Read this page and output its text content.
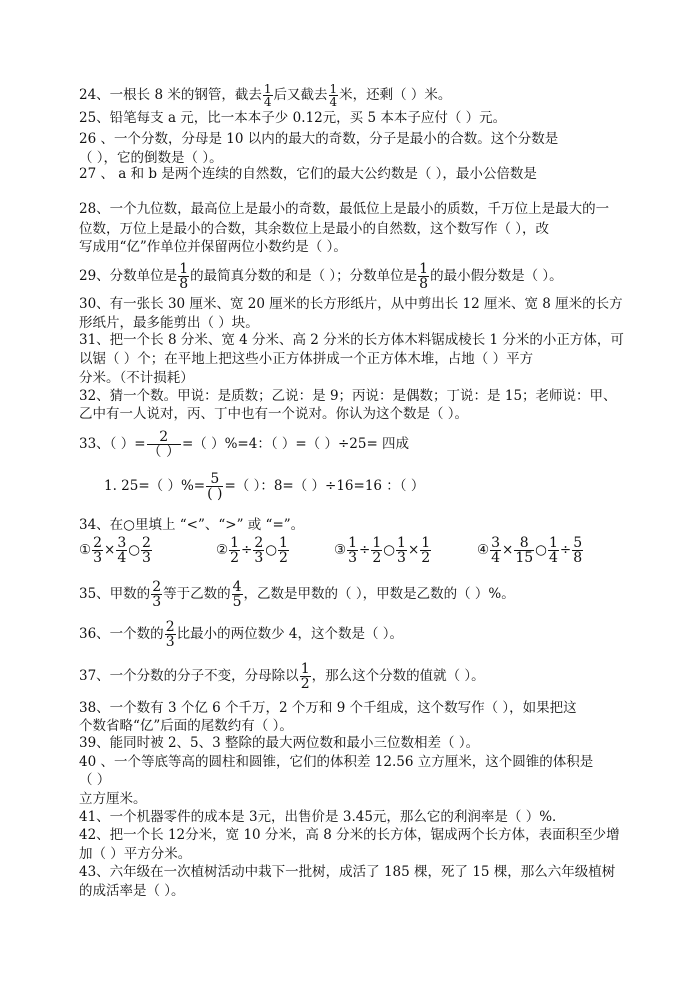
24、一根长 8 米的钢管，截去 $\frac{1}{4}$ 后又截去 $\frac{1}{4}$ 米，还剩（ ）米。
25、铅笔每支 a 元，比一本本子少 0.12元，买 5 本本子应付（ ）元。
26 、一个分数，分母是 10 以内的最大的奇数，分子是最小的合数。这个分数是
（ ），它的倒数是（ ）。
27 、 a 和 b 是两个连续的自然数，它们的最大公约数是（ ），最小公倍数是
28、一个九位数，最高位上是最小的奇数，最低位上是最小的质数，千万位上是最大的一
位数，万位上是最小的合数，其余数位上是最小的自然数，这个数写作（ ），改
写成用“亿”作单位并保留两位小数约是（ ）。
29、分数单位是 $\frac{1}{8}$ 的最简真分数的和是（ ）；分数单位是 $\frac{1}{8}$ 的最小假分数是（ ）。
30、有一张长 30 厘米、宽 20 厘米的长方形纸片，从中剪出长 12 厘米、宽 8 厘米的长方
形纸片，最多能剪出（ ）块。
31、把一个长 8 分米、宽 4 分米、高 2 分米的长方体木料锯成棱长 1 分米的小正方体，可
以锯（ ）个；在平地上把这些小正方体拼成一个正方体木堆，占地（ ）平方
分米。（不计损耗）
32、猜一个数。甲说：是质数；乙说：是 9；丙说：是偶数；丁说：是 15；老师说：甲、
乙中有一人说对，丙、丁中也有一个说对。你认为这个数是（ ）。
33、（ ）= $\frac{2}{( )}$ =（ ）%=4：（ ）=（ ）÷25= 四成
1. 25=（ ）%= $\frac{5}{( )}$ =（ ）：8=（ ）÷16=16 ：（ ）
34、在○里填上 “<”、“>” 或 “=”。
① $\frac{2}{3} \times \frac{3}{4}$ ○ $\frac{2}{3}$	② $\frac{1}{2} \div \frac{2}{3}$ ○ $\frac{1}{2}$	③ $\frac{1}{3} \div \frac{1}{2}$ ○ $\frac{1}{3} \times \frac{1}{2}$	④ $\frac{3}{4} \times \frac{8}{15}$ ○ $\frac{1}{4} \div \frac{5}{8}$
35、甲数的 $\frac{2}{3}$ 等于乙数的 $\frac{4}{5}$ ，乙数是甲数的（ ），甲数是乙数的（ ）%。
36、一个数的 $\frac{2}{3}$ 比最小的两位数少 4，这个数是（ ）。
37、一个分数的分子不变，分母除以 $\frac{1}{2}$ ，那么这个分数的值就（ ）。
38、一个数有 3 个亿 6 个千万，2 个万和 9 个千组成，这个数写作（ ），如果把这
个数省略“亿”后面的尾数约有（ ）。
39、能同时被 2、5、3 整除的最大两位数和最小三位数相差（ ）。
40 、一个等底等高的圆柱和圆锥，它们的体积差 12.56 立方厘米，这个圆锥的体积是
（ ）
立方厘米。
41、一个机器零件的成本是 3元，出售价是 3.45元，那么它的利润率是（ ）%．
42、把一个长 12分米，宽 10 分米，高 8 分米的长方体，锯成两个长方体，表面积至少增
加（ ）平方分米。
43、六年级在一次植树活动中栽下一批树，成活了 185 棵，死了 15 棵，那么六年级植树
的成活率是（ ）。
